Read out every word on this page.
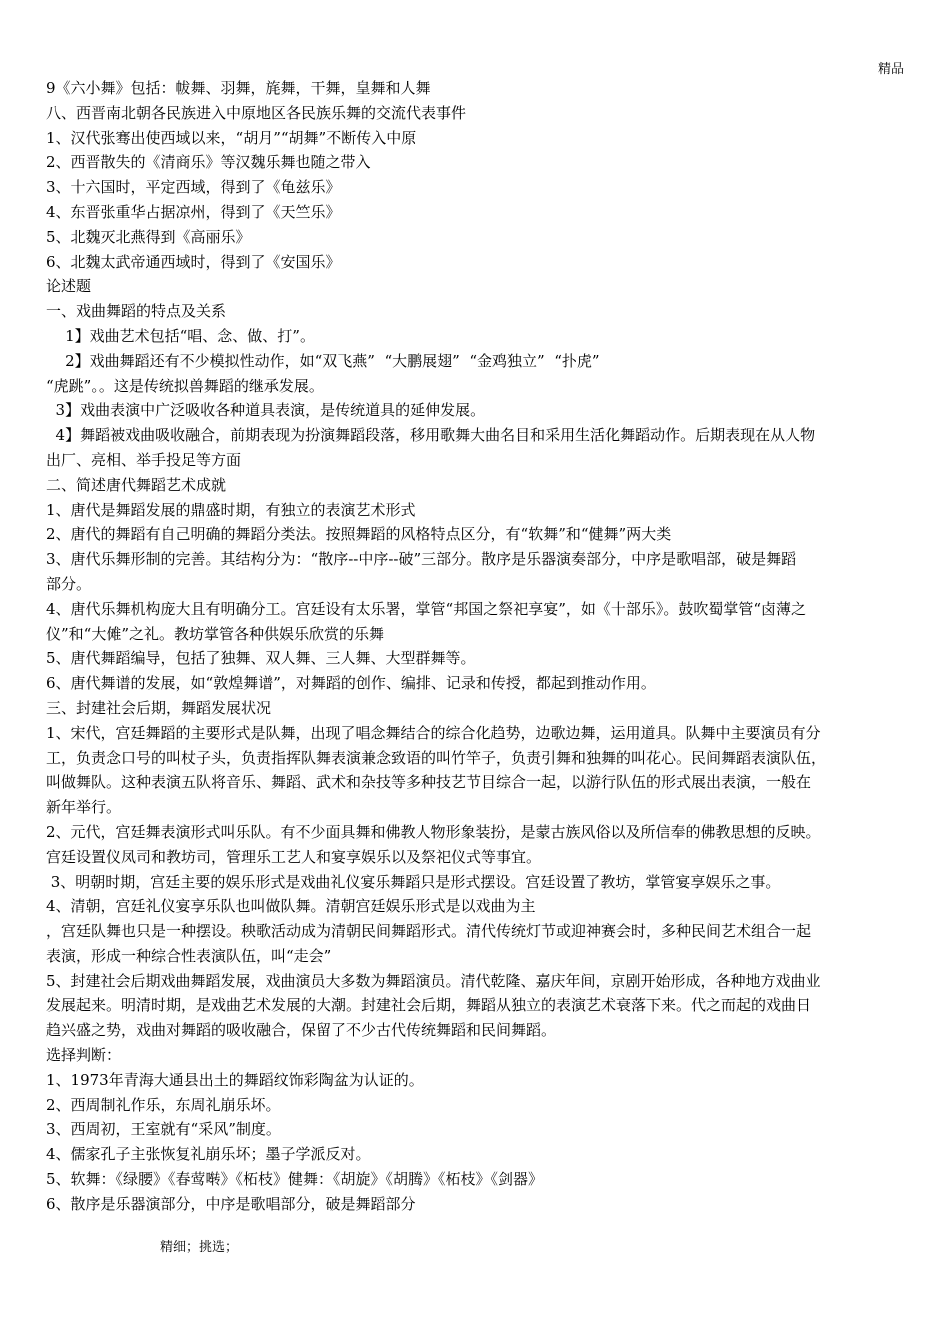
精品
9《六小舞》包括：帗舞、羽舞，旄舞，干舞，皇舞和人舞
八、西晋南北朝各民族进入中原地区各民族乐舞的交流代表事件
1、汉代张骞出使西域以来，“胡月”“胡舞”不断传入中原
2、西晋散失的《清商乐》等汉魏乐舞也随之带入
3、十六国时，平定西域，得到了《龟兹乐》
4、东晋张重华占据凉州，得到了《天竺乐》
5、北魏灭北燕得到《高丽乐》
6、北魏太武帝通西域时，得到了《安国乐》
论述题
一、戏曲舞蹈的特点及关系
1】戏曲艺术包括“唱、念、做、打”。
2】戏曲舞蹈还有不少模拟性动作，如“双飞燕”  “大鹏展翅”  “金鸡独立”  “扑虎”
“虎跳”。。这是传统拟兽舞蹈的继承发展。
3】戏曲表演中广泛吸收各种道具表演，是传统道具的延伸发展。
4】舞蹈被戏曲吸收融合，前期表现为扮演舞蹈段落，移用歌舞大曲名目和采用生活化舞蹈动作。后期表现在从人物
出厂、亮相、举手投足等方面
二、简述唐代舞蹈艺术成就
1、唐代是舞蹈发展的鼎盛时期，有独立的表演艺术形式
2、唐代的舞蹈有自己明确的舞蹈分类法。按照舞蹈的风格特点区分，有“软舞”和“健舞”两大类
3、唐代乐舞形制的完善。其结构分为：“散序--中序--破”三部分。散序是乐器演奏部分，中序是歌唱部，破是舞蹈
部分。
4、唐代乐舞机构庞大且有明确分工。宫廷设有太乐署，掌管“邦国之祭祀享宴”，如《十部乐》。鼓吹蜀掌管“卤薄之
仪”和“大傩”之礼。教坊掌管各种供娱乐欣赏的乐舞
5、唐代舞蹈编导，包括了独舞、双人舞、三人舞、大型群舞等。
6、唐代舞谱的发展，如“敦煌舞谱”，对舞蹈的创作、编排、记录和传授，都起到推动作用。
三、封建社会后期，舞蹈发展状况
1、宋代，宫廷舞蹈的主要形式是队舞，出现了唱念舞结合的综合化趋势，边歌边舞，运用道具。队舞中主要演员有分
工，负责念口号的叫杖子头，负责指挥队舞表演兼念致语的叫竹竿子，负责引舞和独舞的叫花心。民间舞蹈表演队伍，
叫做舞队。这种表演五队将音乐、舞蹈、武术和杂技等多种技艺节目综合一起，以游行队伍的形式展出表演，一般在
新年举行。
2、元代，宫廷舞表演形式叫乐队。有不少面具舞和佛教人物形象装扮，是蒙古族风俗以及所信奉的佛教思想的反映。
宫廷设置仪凤司和教坊司，管理乐工艺人和宴享娱乐以及祭祀仪式等事宜。
3、明朝时期，宫廷主要的娱乐形式是戏曲礼仪宴乐舞蹈只是形式摆设。宫廷设置了教坊，掌管宴享娱乐之事。
4、清朝，宫廷礼仪宴享乐队也叫做队舞。清朝宫廷娱乐形式是以戏曲为主
，宫廷队舞也只是一种摆设。秧歌活动成为清朝民间舞蹈形式。清代传统灯节或迎神赛会时，多种民间艺术组合一起
表演，形成一种综合性表演队伍，叫“走会”
5、封建社会后期戏曲舞蹈发展，戏曲演员大多数为舞蹈演员。清代乾隆、嘉庆年间，京剧开始形成，各种地方戏曲业
发展起来。明清时期，是戏曲艺术发展的大潮。封建社会后期，舞蹈从独立的表演艺术衰落下来。代之而起的戏曲日
趋兴盛之势，戏曲对舞蹈的吸收融合，保留了不少古代传统舞蹈和民间舞蹈。
选择判断：
1、1973年青海大通县出土的舞蹈纹饰彩陶盆为认证的。
2、西周制礼作乐，东周礼崩乐坏。
3、西周初，王室就有“采风”制度。
4、儒家孔子主张恢复礼崩乐坏；墨子学派反对。
5、软舞：《绿腰》《春莺啭》《柘枝》健舞：《胡旋》《胡腾》《柘枝》《剑器》
6、散序是乐器演部分，中序是歌唱部分，破是舞蹈部分
精细；挑选；
